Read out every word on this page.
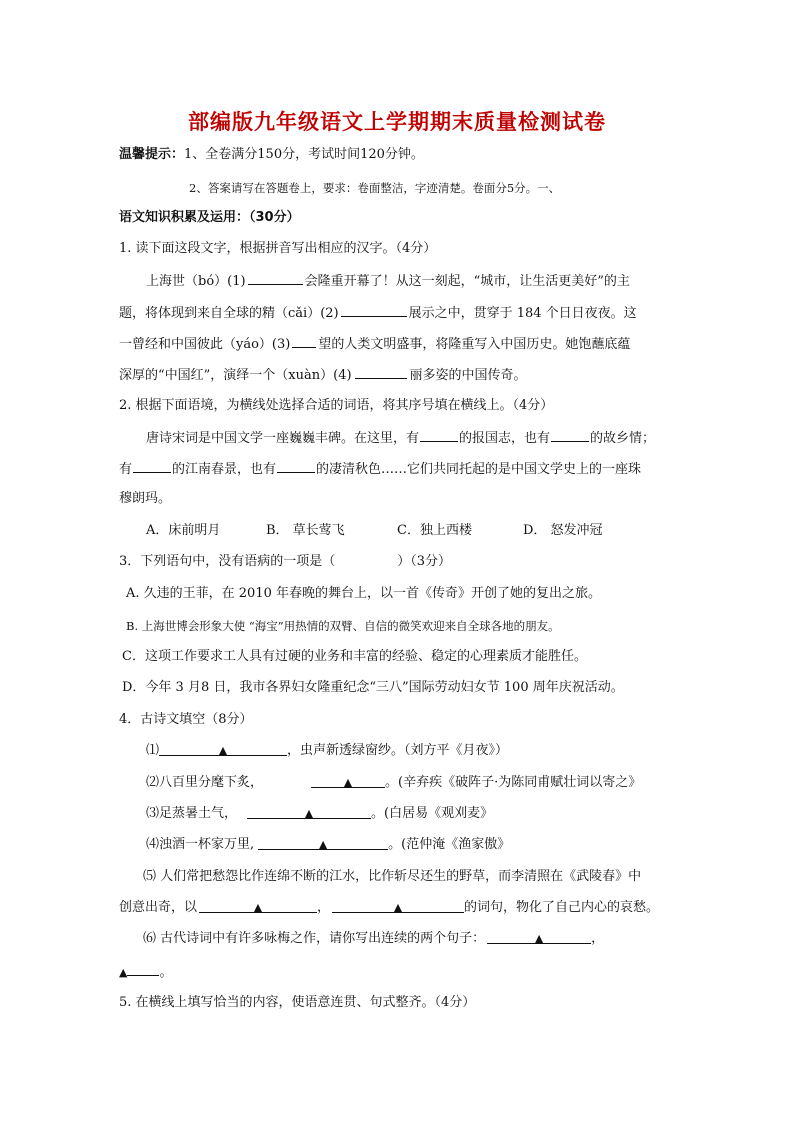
部编版九年级语文上学期期末质量检测试卷
温馨提示：1、全卷满分150分，考试时间120分钟。
2、答案请写在答题卷上，要求：卷面整洁，字迹清楚。卷面分5分。一、
语文知识积累及运用：（30分）
1. 读下面这段文字，根据拼音写出相应的汉字。（4分）
上海世（bó）(1)	会隆重开幕了！从这一刻起，“城市，让生活更美好”的主
题，将体现到来自全球的精（cǎi）(2)	展示之中，贯穿于 184 个日日夜夜。这
一曾经和中国彼此（yáo）(3) 望的人类文明盛事，将隆重写入中国历史。她饱蘸底蕴
深厚的“中国红”，演绎一个（xuàn）(4)	丽多姿的中国传奇。
2. 根据下面语境，为横线处选择合适的词语，将其序号填在横线上。（4分）
唐诗宋词是中国文学一座巍巍丰碑。在这里，有	的报国志，也有	的故乡情；
有	的江南春景，也有	的凄清秋色……它们共同托起的是中国文学史上的一座珠
穆朗玛。
A．床前明月	B． 草长莺飞	C．独上西楼	D． 怒发冲冠
3．下列语句中，没有语病的一项是（	）（3分）
A. 久违的王菲，在 2010 年春晚的舞台上，以一首《传奇》开创了她的复出之旅。
B. 上海世博会形象大使 “海宝”用热情的双臂、自信的微笑欢迎来自全球各地的朋友。
C．这项工作要求工人具有过硬的业务和丰富的经验、稳定的心理素质才能胜任。
D．今年 3 月8 日，我市各界妇女隆重纪念“三八”国际劳动妇女节 100 周年庆祝活动。
4．古诗文填空（8分）
⑴	▲	，虫声新透绿窗纱。（刘方平《月夜》）
⑵八百里分麾下炙，	▲	。(辛弃疾《破阵子·为陈同甫赋壮词以寄之》
⑶足蒸暑土气，	▲	。(白居易《观刈麦》
⑷浊酒一杯家万里,	▲	。(范仲淹《渔家傲》
⑸ 人们常把愁怨比作连绵不断的江水，比作斩尽还生的野草，而李清照在《武陵春》中
创意出奇，以	▲	，	▲	的词句，物化了自己内心的哀愁。
⑹ 古代诗词中有许多咏梅之作，请你写出连续的两个句子：	▲	，
▲ 。
5. 在横线上填写恰当的内容，使语意连贯、句式整齐。（4分）
